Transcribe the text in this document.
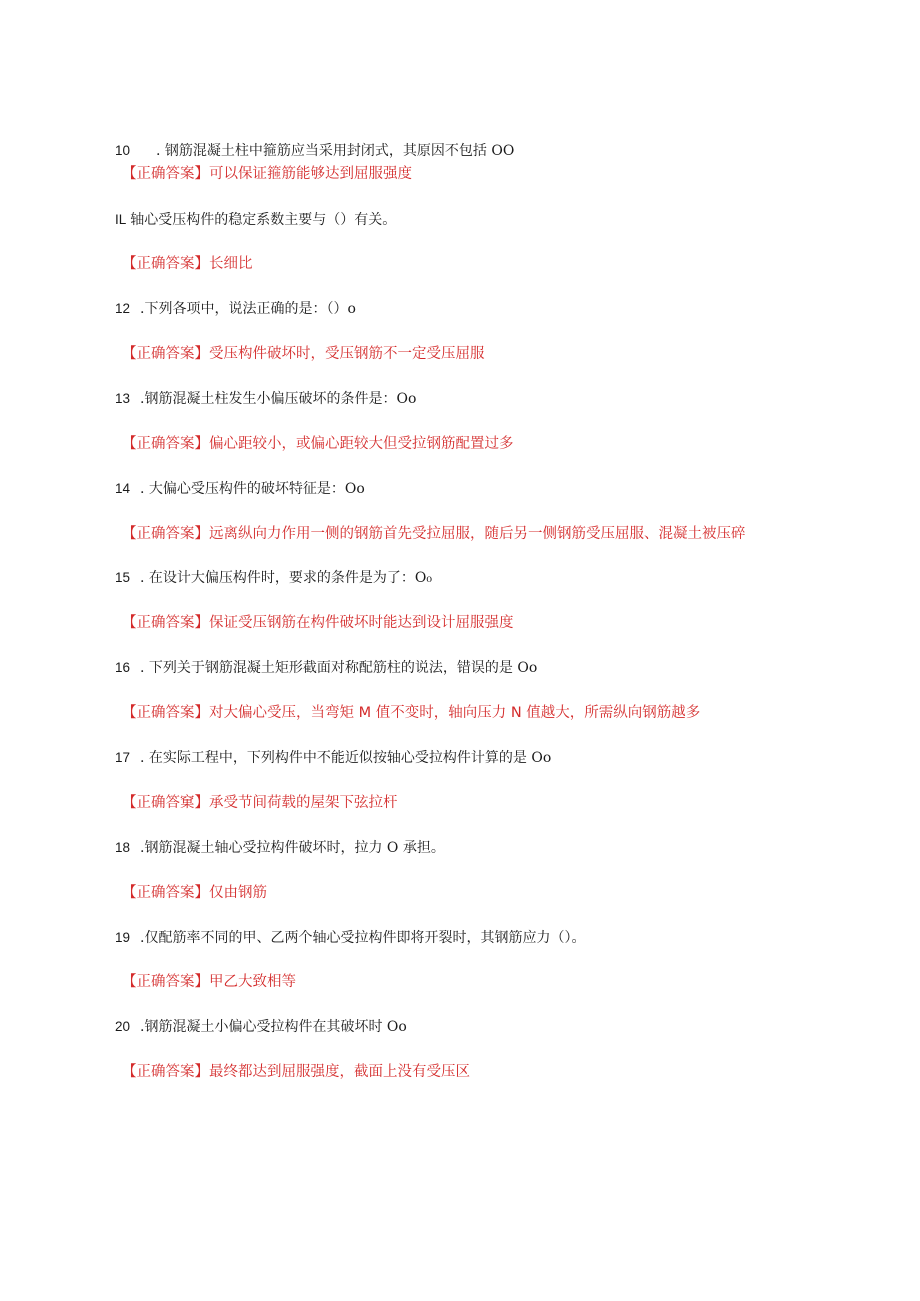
10 . 钢筋混凝土柱中箍筋应当采用封闭式，其原因不包括 OO
【正确答案】可以保证箍筋能够达到屈服强度
IL 轴心受压构件的稳定系数主要与（）有关。
【正确答案】长细比
12 .下列各项中，说法正确的是：（）o
【正确答案】受压构件破坏时，受压钢筋不一定受压屈服
13 .钢筋混凝土柱发生小偏压破坏的条件是：Oo
【正确答案】偏心距较小，或偏心距较大但受拉钢筋配置过多
14 . 大偏心受压构件的破坏特征是：Oo
【正确答案】远离纵向力作用一侧的钢筋首先受拉屈服，随后另一侧钢筋受压屈服、混凝土被压碎
15 . 在设计大偏压构件时，要求的条件是为了：O₀
【正确答案】保证受压钢筋在构件破坏时能达到设计屈服强度
16 . 下列关于钢筋混凝土矩形截面对称配筋柱的说法，错误的是 Oo
【正确答案】对大偏心受压，当弯矩 M 值不变时，轴向压力 N 值越大，所需纵向钢筋越多
17 . 在实际工程中，下列构件中不能近似按轴心受拉构件计算的是 Oo
【正确答窠】承受节间荷载的屋架下弦拉杆
18 .钢筋混凝土轴心受拉构件破坏时，拉力 O 承担。
【正确答案】仅由钢筋
19 .仅配筋率不同的甲、乙两个轴心受拉构件即将开裂时，其钢筋应力（）。
【正确答案】甲乙大致相等
20 .钢筋混凝土小偏心受拉构件在其破坏时 Oo
【正确答案】最终都达到屈服强度，截面上没有受压区
